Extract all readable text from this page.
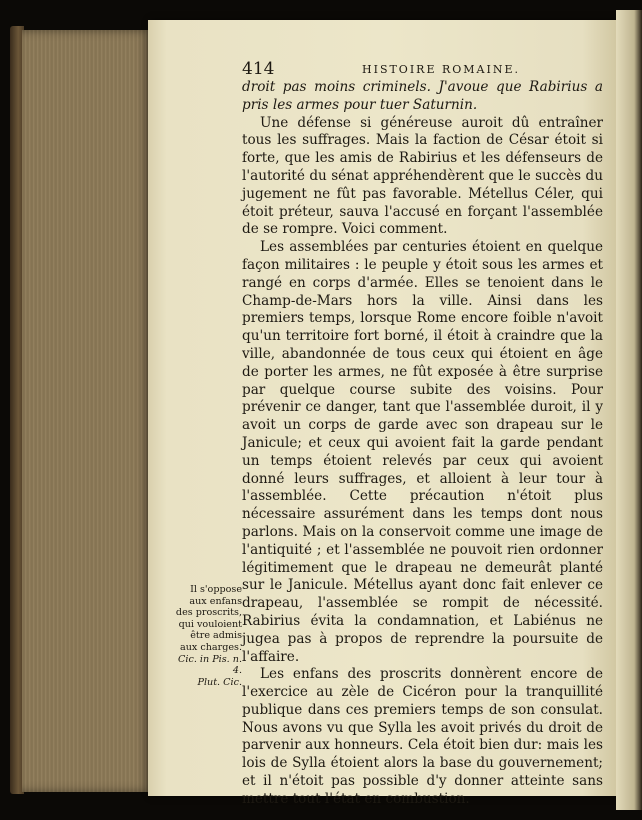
414	HISTOIRE ROMAINE.

droit pas moins criminels. J'avoue que Rabirius a pris les armes pour tuer Saturnin.

Une défense si généreuse auroit dû entraîner tous les suffrages. Mais la faction de César étoit si forte, que les amis de Rabirius et les défenseurs de l'autorité du sénat appréhendèrent que le succès du jugement ne fût pas favorable. Métellus Céler, qui étoit préteur, sauva l'accusé en forçant l'assemblée de se rompre. Voici comment.

Les assemblées par centuries étoient en quelque façon militaires : le peuple y étoit sous les armes et rangé en corps d'armée. Elles se tenoient dans le Champ-de-Mars hors la ville. Ainsi dans les premiers temps, lorsque Rome encore foible n'avoit qu'un territoire fort borné, il étoit à craindre que la ville, abandonnée de tous ceux qui étoient en âge de porter les armes, ne fût exposée à être surprise par quelque course subite des voisins. Pour prévenir ce danger, tant que l'assemblée duroit, il y avoit un corps de garde avec son drapeau sur le Janicule; et ceux qui avoient fait la garde pendant un temps étoient relevés par ceux qui avoient donné leurs suffrages, et alloient à leur tour à l'assemblée. Cette précaution n'étoit plus nécessaire assurément dans les temps dont nous parlons. Mais on la conservoit comme une image de l'antiquité ; et l'assemblée ne pouvoit rien ordonner légitimement que le drapeau ne demeurât planté sur le Janicule. Métellus ayant donc fait enlever ce drapeau, l'assemblée se rompit de nécessité. Rabirius évita la condamnation, et Labiénus ne jugea pas à propos de reprendre la poursuite de l'affaire.

Les enfans des proscrits donnèrent encore de l'exercice au zèle de Cicéron pour la tranquillité publique dans ces premiers temps de son consulat. Nous avons vu que Sylla les avoit privés du droit de parvenir aux honneurs. Cela étoit bien dur: mais les lois de Sylla étoient alors la base du gouvernement; et il n'étoit pas possible d'y donner atteinte sans mettre tout l'état en combustion.

Il s'oppose aux enfans des proscrits, qui vouloient être admis aux charges.
Cic. in Pis. n. 4.
Plut. Cic.
